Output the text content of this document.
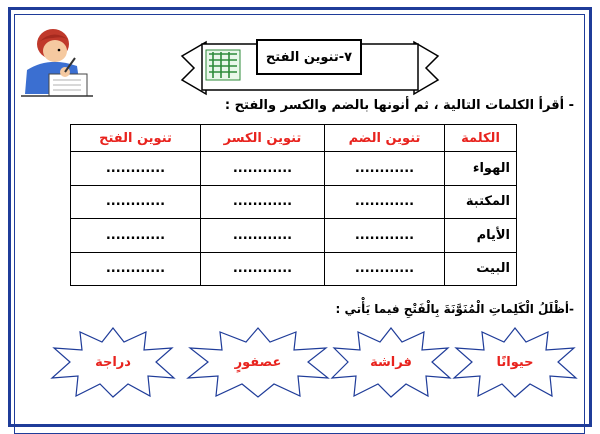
٧-تنوين الفتح
- أقرأ الكلمات التالية ، ثم أنونها بالضم والكسر والفتح :
الكلمة	تنوين الضم	تنوين الكسر	تنوين الفتح
الهواء	............	............	............
المكتبة	............	............	............
الأيام	............	............	............
البيت	............	............	............
-أظْلَلُ الْكَلِماتِ الْمُنَوَّنَةَ بِالْفَتْحِ فيما يَأْتي :
حيوانًا
فراشة
عصفورٍ
دراجة
